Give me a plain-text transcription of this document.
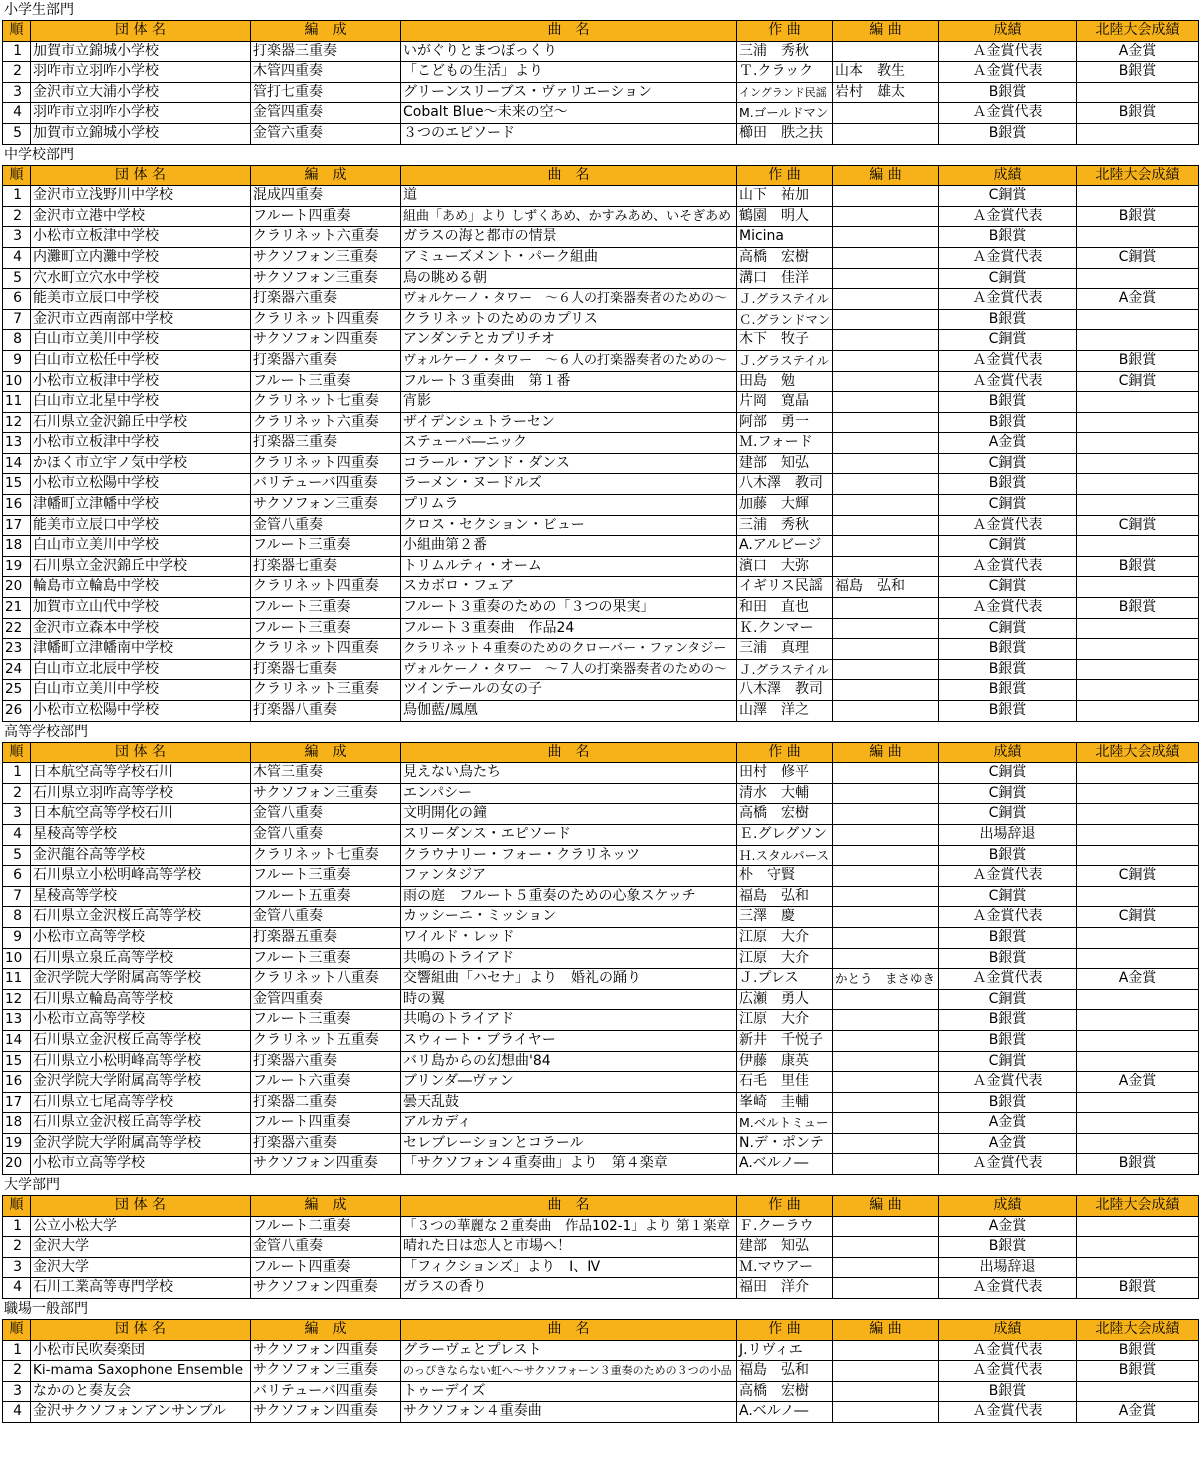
小学生部門
順	団 体 名	編　成	曲　名	作 曲	編 曲	成績	北陸大会成績
1	加賀市立錦城小学校	打楽器三重奏	いがぐりとまつぼっくり	三浦　秀秋		Ａ金賞代表	A金賞
2	羽咋市立羽咋小学校	木管四重奏	「こどもの生活」より	Ｔ.クラック	山本　教生	Ａ金賞代表	B銀賞
3	金沢市立大浦小学校	管打七重奏	グリーンスリーブス・ヴァリエーション	イングランド民謡	岩村　雄太	B銀賞	
4	羽咋市立羽咋小学校	金管四重奏	Cobalt Blue～未来の空～	M.ゴールドマン		Ａ金賞代表	B銀賞
5	加賀市立錦城小学校	金管六重奏	３つのエピソード	櫛田　胅之扶		B銀賞	
中学校部門
順	団 体 名	編　成	曲　名	作 曲	編 曲	成績	北陸大会成績
1	金沢市立浅野川中学校	混成四重奏	道	山下　祐加		C銅賞	
2	金沢市立港中学校	フルート四重奏	組曲「あめ」より しずくあめ、かすみあめ、いそぎあめ	鶴園　明人		Ａ金賞代表	B銀賞
3	小松市立板津中学校	クラリネット六重奏	ガラスの海と都市の情景	Micina		B銀賞	
4	内灘町立内灘中学校	サクソフォン三重奏	アミューズメント・パーク組曲	高橋　宏樹		Ａ金賞代表	C銅賞
5	穴水町立穴水中学校	サクソフォン三重奏	鳥の眺める朝	溝口　佳洋		C銅賞	
6	能美市立辰口中学校	打楽器六重奏	ヴォルケーノ・タワー　～６人の打楽器奏者のための～	Ｊ.グラステイル		Ａ金賞代表	A金賞
7	金沢市立西南部中学校	クラリネット四重奏	クラリネットのためのカプリス	Ｃ.グランドマン		B銀賞	
8	白山市立美川中学校	サクソフォン四重奏	アンダンテとカプリチオ	木下　牧子		C銅賞	
9	白山市立松任中学校	打楽器六重奏	ヴォルケーノ・タワー　～６人の打楽器奏者のための～	Ｊ.グラステイル		Ａ金賞代表	B銀賞
10	小松市立板津中学校	フルート三重奏	フルート３重奏曲　第１番	田島　勉		Ａ金賞代表	C銅賞
11	白山市立北星中学校	クラリネット七重奏	宵影	片岡　寛晶		B銀賞	
12	石川県立金沢錦丘中学校	クラリネット六重奏	ザイデンシュトラーセン	阿部　勇一		B銀賞	
13	小松市立板津中学校	打楽器三重奏	ステューバ―ニック	Ｍ.フォード		A金賞	
14	かほく市立宇ノ気中学校	クラリネット四重奏	コラール・アンド・ダンス	建部　知弘		C銅賞	
15	小松市立松陽中学校	バリテューバ四重奏	ラーメン・ヌードルズ	八木澤　教司		B銀賞	
16	津幡町立津幡中学校	サクソフォン三重奏	プリムラ	加藤　大輝		C銅賞	
17	能美市立辰口中学校	金管八重奏	クロス・セクション・ビュー	三浦　秀秋		Ａ金賞代表	C銅賞
18	白山市立美川中学校	フルート三重奏	小組曲第２番	A.アルビージ		C銅賞	
19	石川県立金沢錦丘中学校	打楽器七重奏	トリムルティ・オーム	濱口　大弥		Ａ金賞代表	B銀賞
20	輪島市立輪島中学校	クラリネット四重奏	スカボロ・フェア	イギリス民謡	福島　弘和	C銅賞	
21	加賀市立山代中学校	フルート三重奏	フルート３重奏のための「３つの果実」	和田　直也		Ａ金賞代表	B銀賞
22	金沢市立森本中学校	フルート三重奏	フルート３重奏曲　作品24	Ｋ.クンマー		C銅賞	
23	津幡町立津幡南中学校	クラリネット四重奏	クラリネット４重奏のためのクローバー・ファンタジー	三浦　真理		B銀賞	
24	白山市立北辰中学校	打楽器七重奏	ヴォルケーノ・タワー　～７人の打楽器奏者のための～	Ｊ.グラステイル		B銀賞	
25	白山市立美川中学校	クラリネット三重奏	ツインテールの女の子	八木澤　教司		B銀賞	
26	小松市立松陽中学校	打楽器八重奏	鳥伽藍/鳳凰	山澤　洋之		B銀賞	
高等学校部門
順	団 体 名	編　成	曲　名	作 曲	編 曲	成績	北陸大会成績
1	日本航空高等学校石川	木管三重奏	見えない鳥たち	田村　修平		C銅賞	
2	石川県立羽咋高等学校	サクソフォン三重奏	エンパシー	清水　大輔		C銅賞	
3	日本航空高等学校石川	金管八重奏	文明開化の鐘	高橋　宏樹		C銅賞	
4	星稜高等学校	金管八重奏	スリーダンス・エピソード	Ｅ.グレグソン		出場辞退	
5	金沢龍谷高等学校	クラリネット七重奏	クラウナリー・フォー・クラリネッツ	Ｈ.スタルパース		B銀賞	
6	石川県立小松明峰高等学校	フルート三重奏	ファンタジア	朴　守賢		Ａ金賞代表	C銅賞
7	星稜高等学校	フルート五重奏	雨の庭　フルート５重奏のための心象スケッチ	福島　弘和		C銅賞	
8	石川県立金沢桜丘高等学校	金管八重奏	カッシーニ・ミッション	三澤　慶		Ａ金賞代表	C銅賞
9	小松市立高等学校	打楽器五重奏	ワイルド・レッド	江原　大介		B銀賞	
10	石川県立泉丘高等学校	フルート三重奏	共鳴のトライアド	江原　大介		B銀賞	
11	金沢学院大学附属高等学校	クラリネット八重奏	交響組曲「ハセナ」より　婚礼の踊り	Ｊ.プレス	かとう　まさゆき	Ａ金賞代表	A金賞
12	石川県立輪島高等学校	金管四重奏	時の翼	広瀬　勇人		C銅賞	
13	小松市立高等学校	フルート三重奏	共鳴のトライアド	江原　大介		B銀賞	
14	石川県立金沢桜丘高等学校	クラリネット五重奏	スウィート・ブライヤー	新井　千悦子		B銀賞	
15	石川県立小松明峰高等学校	打楽器六重奏	バリ島からの幻想曲'84	伊藤　康英		C銅賞	
16	金沢学院大学附属高等学校	フルート六重奏	ブリンダ―ヴァン	石毛　里佳		Ａ金賞代表	A金賞
17	石川県立七尾高等学校	打楽器二重奏	曇天乱鼓	峯崎　圭輔		B銀賞	
18	石川県立金沢桜丘高等学校	フルート四重奏	アルカディ	M.ベルトミュー		A金賞	
19	金沢学院大学附属高等学校	打楽器六重奏	セレブレーションとコラール	N.デ・ポンテ		A金賞	
20	小松市立高等学校	サクソフォン四重奏	「サクソフォン４重奏曲」より　第４楽章	A.ベルノ―		Ａ金賞代表	B銀賞
大学部門
順	団 体 名	編　成	曲　名	作 曲	編 曲	成績	北陸大会成績
1	公立小松大学	フルート二重奏	「３つの華麗な２重奏曲　作品102-1」より 第１楽章	Ｆ.クーラウ		A金賞	
2	金沢大学	金管八重奏	晴れた日は恋人と市場へ！	建部　知弘		B銀賞	
3	金沢大学	フルート四重奏	「フィクションズ」より　Ⅰ、Ⅳ	Ｍ.マウアー		出場辞退	
4	石川工業高等専門学校	サクソフォン四重奏	ガラスの香り	福田　洋介		Ａ金賞代表	B銀賞
職場一般部門
順	団 体 名	編　成	曲　名	作 曲	編 曲	成績	北陸大会成績
1	小松市民吹奏楽団	サクソフォン四重奏	グラーヴェとプレスト	J.リヴィエ		Ａ金賞代表	B銀賞
2	Ki-mama Saxophone Ensemble	サクソフォン三重奏	のっぴきならない虹へ～サクソフォーン３重奏のための３つの小品	福島　弘和		Ａ金賞代表	B銀賞
3	なかのと奏友会	バリテューバ四重奏	トゥーデイズ	高橋　宏樹		B銀賞	
4	金沢サクソフォンアンサンブル	サクソフォン四重奏	サクソフォン４重奏曲	A.ベルノ―		Ａ金賞代表	A金賞
